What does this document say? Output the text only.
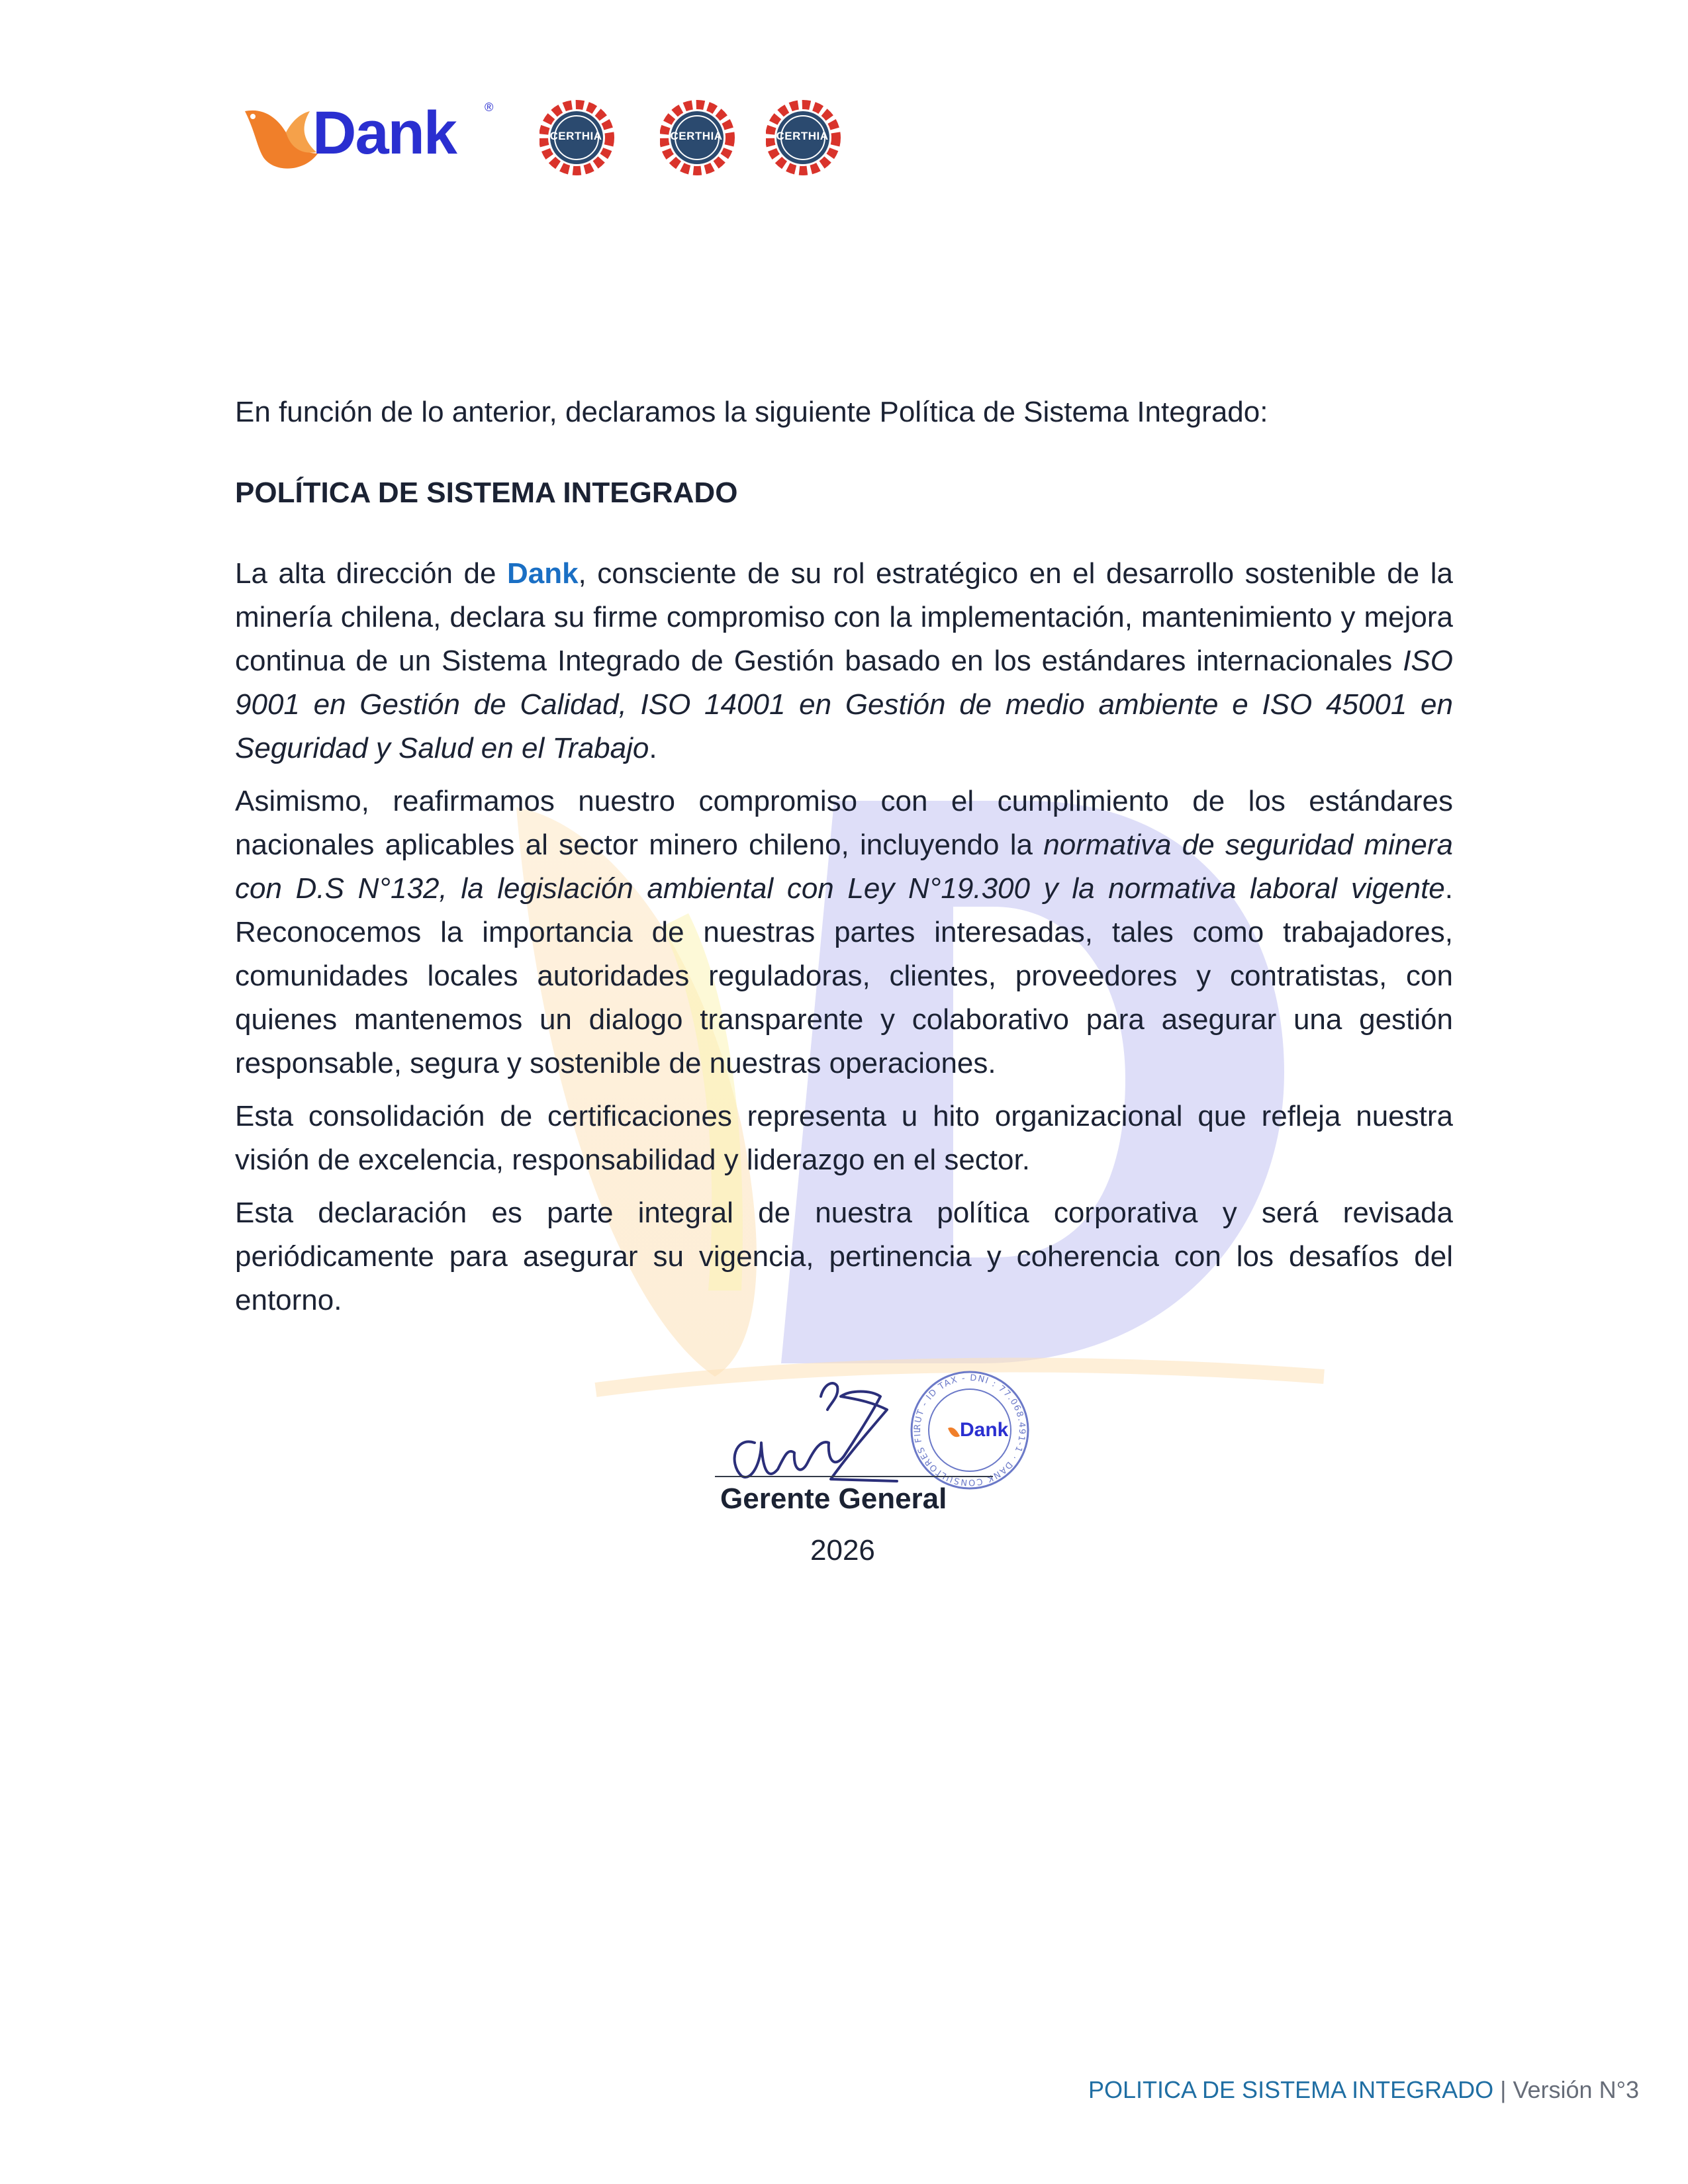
Dank ®
CERTHIA	CERTHIA	CERTHIA

En función de lo anterior, declaramos la siguiente Política de Sistema Integrado:

POLÍTICA DE SISTEMA INTEGRADO

La alta dirección de Dank, consciente de su rol estratégico en el desarrollo sostenible de la minería chilena, declara su firme compromiso con la implementación, mantenimiento y mejora continua de un Sistema Integrado de Gestión basado en los estándares internacionales ISO 9001 en Gestión de Calidad, ISO 14001 en Gestión de medio ambiente e ISO 45001 en Seguridad y Salud en el Trabajo.

Asimismo, reafirmamos nuestro compromiso con el cumplimiento de los estándares nacionales aplicables al sector minero chileno, incluyendo la normativa de seguridad minera con D.S N°132, la legislación ambiental con Ley N°19.300 y la normativa laboral vigente. Reconocemos la importancia de nuestras partes interesadas, tales como trabajadores, comunidades locales autoridades reguladoras, clientes, proveedores y contratistas, con quienes mantenemos un dialogo transparente y colaborativo para asegurar una gestión responsable, segura y sostenible de nuestras operaciones.

Esta consolidación de certificaciones representa u hito organizacional que refleja nuestra visión de excelencia, responsabilidad y liderazgo en el sector.

Esta declaración es parte integral de nuestra política corporativa y será revisada periódicamente para asegurar su vigencia, pertinencia y coherencia con los desafíos del entorno.

Dank
RUT - ID TAX - DNI : 77.068.491-1 · DANK CONSULTORES FIL
Gerente General
2026
POLITICA DE SISTEMA INTEGRADO | Versión N°3
